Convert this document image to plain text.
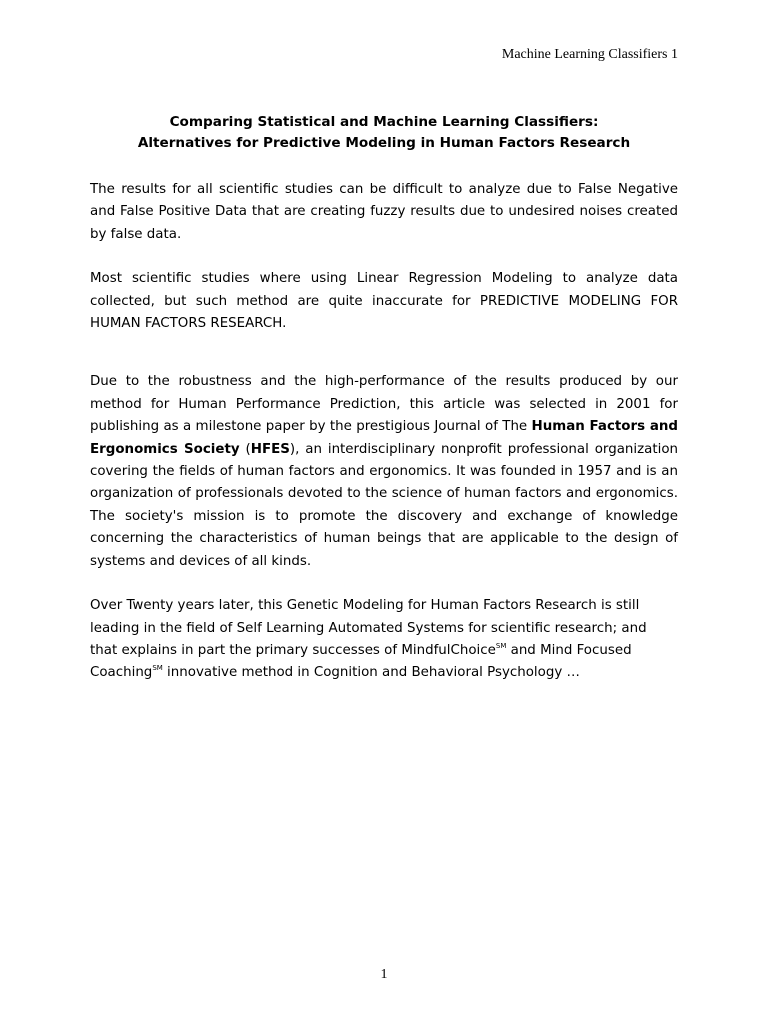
Machine Learning Classifiers 1
Comparing Statistical and Machine Learning Classifiers:
Alternatives for Predictive Modeling in Human Factors Research

The results for all scientific studies can be difficult to analyze due to False Negative and False Positive Data that are creating fuzzy results due to undesired noises created by false data.

Most scientific studies where using Linear Regression Modeling to analyze data collected, but such method are quite inaccurate for PREDICTIVE MODELING FOR HUMAN FACTORS RESEARCH.

Due to the robustness and the high-performance of the results produced by our method for Human Performance Prediction, this article was selected in 2001 for publishing as a milestone paper by the prestigious Journal of The Human Factors and Ergonomics Society (HFES), an interdisciplinary nonprofit professional organization covering the fields of human factors and ergonomics. It was founded in 1957 and is an organization of professionals devoted to the science of human factors and ergonomics. The society's mission is to promote the discovery and exchange of knowledge concerning the characteristics of human beings that are applicable to the design of systems and devices of all kinds.

Over Twenty years later, this Genetic Modeling for Human Factors Research is still leading in the field of Self Learning Automated Systems for scientific research; and that explains in part the primary successes of MindfulChoice℠ and Mind Focused Coaching℠ innovative method in Cognition and Behavioral Psychology …

1
